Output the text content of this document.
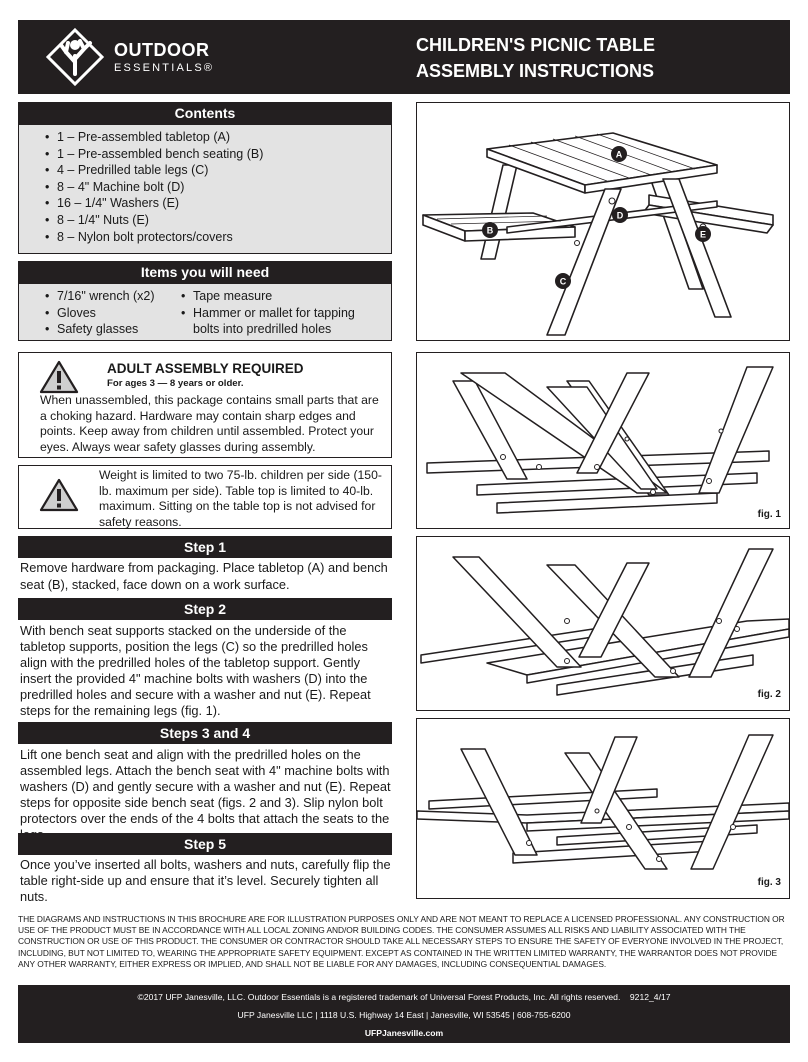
OUTDOOR
ESSENTIALS®
CHILDREN'S PICNIC TABLE
ASSEMBLY INSTRUCTIONS
Contents
• 1 – Pre-assembled tabletop (A)
• 1 – Pre-assembled bench seating (B)
• 4 – Predrilled table legs (C)
• 8 – 4" Machine bolt (D)
• 16 – 1/4" Washers (E)
• 8 – 1/4" Nuts (E)
• 8 – Nylon bolt protectors/covers
Items you will need
• 7/16" wrench (x2)
• Gloves
• Safety glasses
• Tape measure
• Hammer or mallet for tapping
bolts into predrilled holes
ADULT ASSEMBLY REQUIRED
For ages 3 — 8 years or older.
When unassembled, this package contains small parts that are a choking hazard. Hardware may contain sharp edges and points. Keep away from children until assembled. Protect your eyes. Always wear safety glasses during assembly.
Weight is limited to two 75-lb. children per side (150-lb. maximum per side). Table top is limited to 40-lb. maximum. Sitting on the table top is not advised for safety reasons.
Step 1
Remove hardware from packaging. Place tabletop (A) and bench seat (B), stacked, face down on a work surface.
Step 2
With bench seat supports stacked on the underside of the tabletop supports, position the legs (C) so the predrilled holes align with the predrilled holes of the tabletop support. Gently insert the provided 4" machine bolts with washers (D) into the predrilled holes and secure with a washer and nut (E). Repeat steps for the remaining legs (fig. 1).
Steps 3 and 4
Lift one bench seat and align with the predrilled holes on the assembled legs. Attach the bench seat with 4" machine bolts with washers (D) and gently secure with a washer and nut (E). Repeat steps for opposite side bench seat (figs. 2 and 3). Slip nylon bolt protectors over the ends of the 4 bolts that attach the seats to the
Step 5
Once you’ve inserted all bolts, washers and nuts, carefully flip the table right-side up and ensure that it’s level. Securely tighten all nuts.
A
B
C
D
E
fig. 1
fig. 2
fig. 3
THE DIAGRAMS AND INSTRUCTIONS IN THIS BROCHURE ARE FOR ILLUSTRATION PURPOSES ONLY AND ARE NOT MEANT TO REPLACE A LICENSED PROFESSIONAL. ANY CONSTRUCTION OR USE OF THE PRODUCT MUST BE IN ACCORDANCE WITH ALL LOCAL ZONING AND/OR BUILDING CODES. THE CONSUMER ASSUMES ALL RISKS AND LIABILITY ASSOCIATED WITH THE CONSTRUCTION OR USE OF THIS PRODUCT. THE CONSUMER OR CONTRACTOR SHOULD TAKE ALL NECESSARY STEPS TO ENSURE THE SAFETY OF EVERYONE INVOLVED IN THE PROJECT, INCLUDING, BUT NOT LIMITED TO, WEARING THE APPROPRIATE SAFETY EQUIPMENT. EXCEPT AS CONTAINED IN THE WRITTEN LIMITED WARRANTY, THE WARRANTOR DOES NOT PROVIDE ANY OTHER WARRANTY, EITHER EXPRESS OR IMPLIED, AND SHALL NOT BE LIABLE FOR ANY DAMAGES, INCLUDING CONSEQUENTIAL DAMAGES.
©2017 UFP Janesville, LLC. Outdoor Essentials is a registered trademark of Universal Forest Products, Inc. All rights reserved.    9212_4/17
UFP Janesville LLC | 1118 U.S. Highway 14 East | Janesville, WI 53545 | 608-755-6200
UFPJanesville.com
